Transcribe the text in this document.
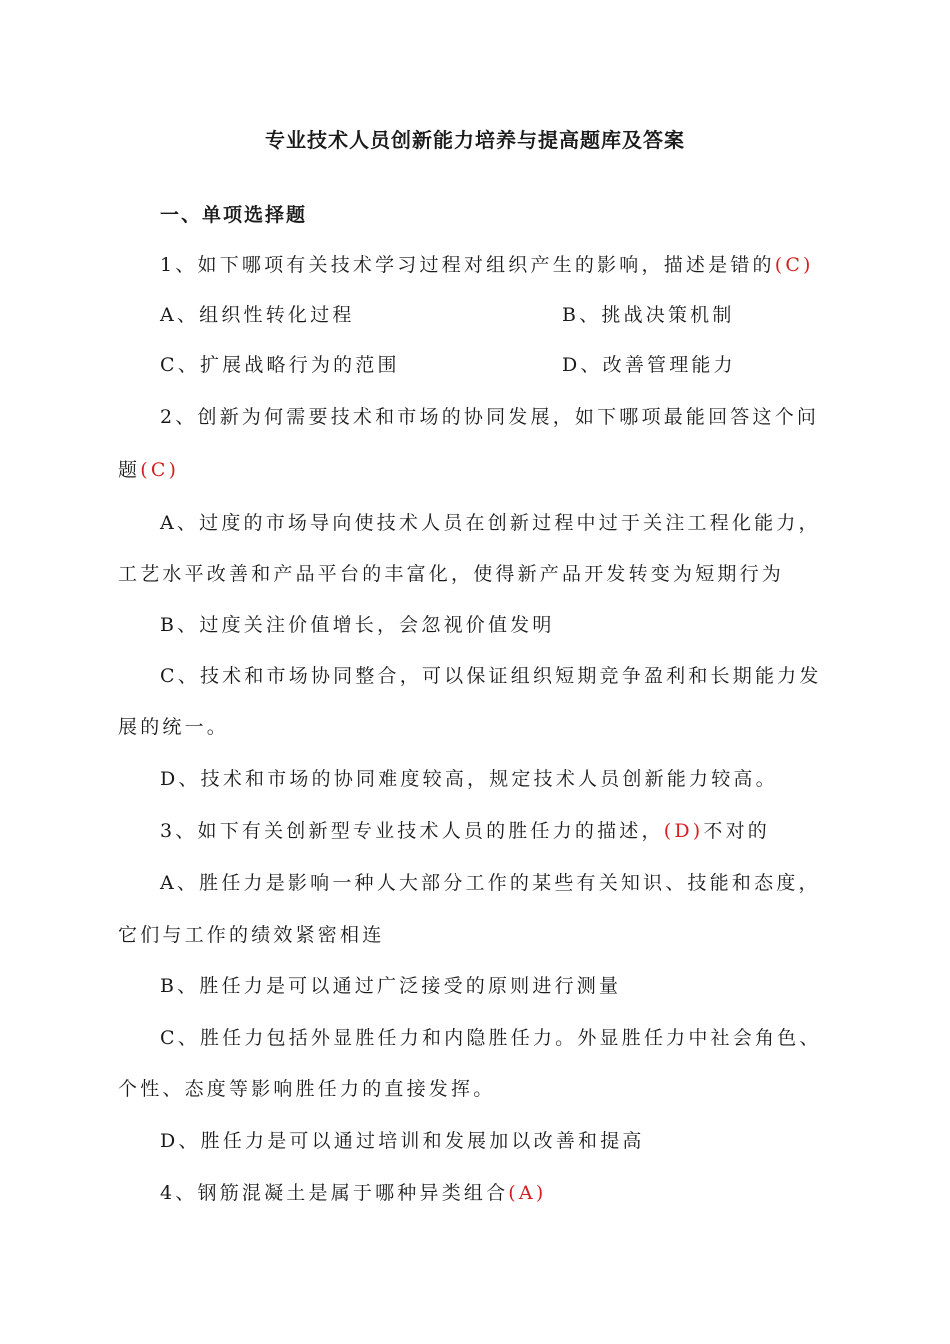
专业技术人员创新能力培养与提高题库及答案
一、单项选择题
1、如下哪项有关技术学习过程对组织产生的影响，描述是错的(C)
A、组织性转化过程	B、挑战决策机制
C、扩展战略行为的范围	D、改善管理能力
2、创新为何需要技术和市场的协同发展，如下哪项最能回答这个问
题(C)
A、过度的市场导向使技术人员在创新过程中过于关注工程化能力，
工艺水平改善和产品平台的丰富化，使得新产品开发转变为短期行为
B、过度关注价值增长，会忽视价值发明
C、技术和市场协同整合，可以保证组织短期竞争盈利和长期能力发
展的统一。
D、技术和市场的协同难度较高，规定技术人员创新能力较高。
3、如下有关创新型专业技术人员的胜任力的描述，(D)不对的
A、胜任力是影响一种人大部分工作的某些有关知识、技能和态度，
它们与工作的绩效紧密相连
B、胜任力是可以通过广泛接受的原则进行测量
C、胜任力包括外显胜任力和内隐胜任力。外显胜任力中社会角色、
个性、态度等影响胜任力的直接发挥。
D、胜任力是可以通过培训和发展加以改善和提高
4、钢筋混凝土是属于哪种异类组合(A)
